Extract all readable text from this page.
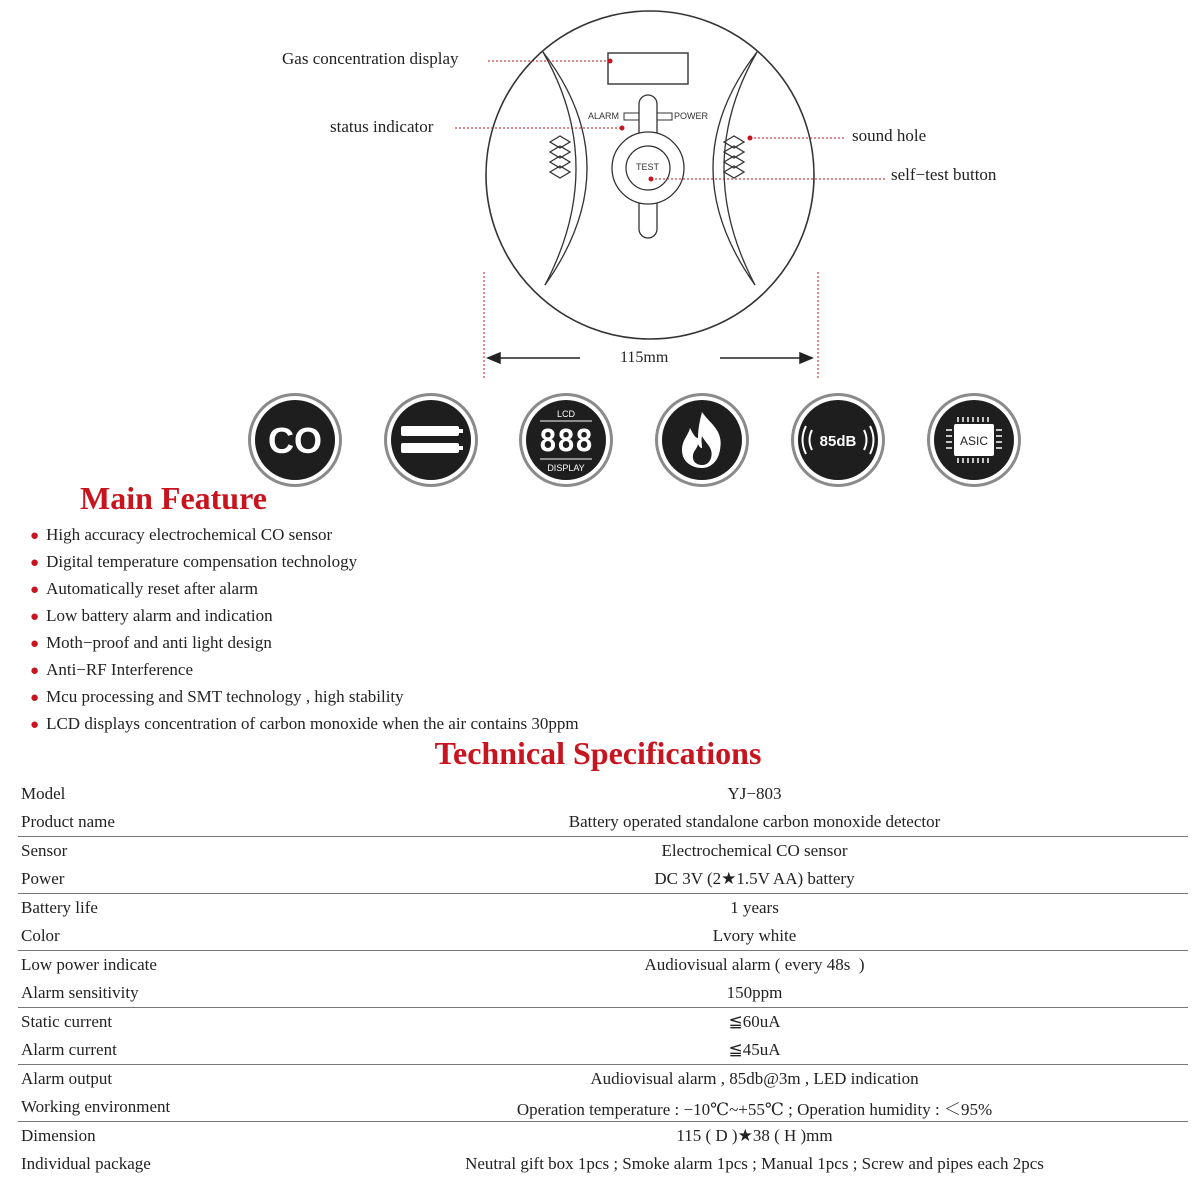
Gas concentration display
status indicator	sound hole
self−test button
ALARM	POWER
TEST
115mm
CO
LCD
888
DISPLAY
85dB	ASIC
Main Feature
● High accuracy electrochemical CO sensor
● Digital temperature compensation technology
● Automatically reset after alarm
● Low battery alarm and indication
● Moth−proof and anti light design
● Anti−RF Interference
● Mcu processing and SMT technology , high stability
● LCD displays concentration of carbon monoxide when the air contains 30ppm
Technical Specifications
Model	YJ−803
Product name	Battery operated standalone carbon monoxide detector
Sensor	Electrochemical CO sensor
Power	DC 3V (2★1.5V AA) battery
Battery life	1 years
Color	Lvory white
Low power indicate	Audiovisual alarm ( every 48s  )
Alarm sensitivity	150ppm
Static current	≦60uA
Alarm current	≦45uA
Alarm output	Audiovisual alarm , 85db@3m , LED indication
Working environment	Operation temperature : −10℃~+55℃ ; Operation humidity : ＜95%
Dimension	115 ( D )★38 ( H )mm
Individual package	Neutral gift box 1pcs ; Smoke alarm 1pcs ; Manual 1pcs ; Screw and pipes each 2pcs
